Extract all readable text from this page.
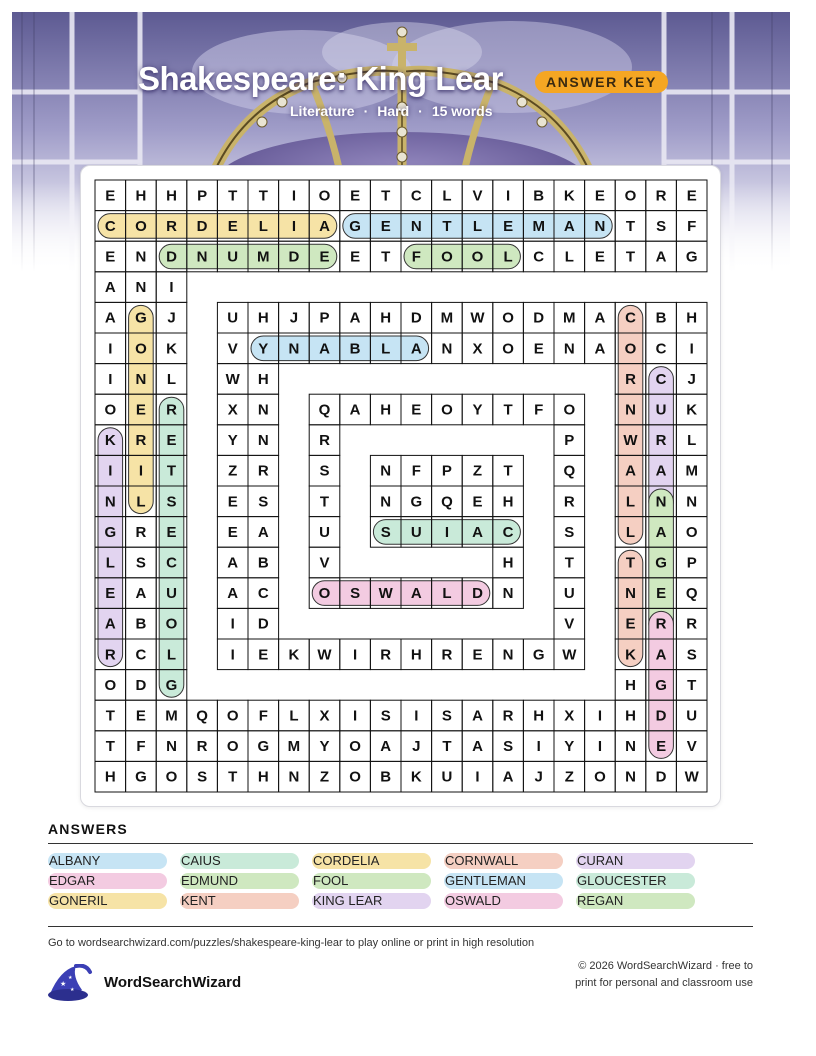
Shakespeare: King Lear	ANSWER KEY
Literature · Hard · 15 words
E H H P T T I O E T C L V I B K E O R E
C O R D E L I A G E N T L E M A N T S F
E N D N U M D E E T F O O L C L E T A G
A N I
A G J	U H J P A H D M W O D M A C B H
I O K	V Y N A B L A N X O E N A O C I
I N L	W H	R C J
O E R	X N	Q A H E O Y T F O	N U K
K R E	Y N	R	P	W R L
I I T	Z R	S	N F P Z T	Q	A A M
N L S	E S	T	N G Q E H	R	L N N
G R E	E A	U	S U I A C	S	L A O
L S C	A B	V	H	T	T G P
E A U	A C	O S W A L D N	U	N E Q
A B O	I D	V	E R R
R C L	I E K W I R H R E N G W	K A S
O D G	H G T
T E M Q O F L X I S I S A R H X I H D U
T F N R O G M Y O A J T A S I Y I N E V
H G O S T H N Z O B K U I A J Z O N D W
ANSWERS
ALBANY	CAIUS	CORDELIA	CORNWALL	CURAN
EDGAR	EDMUND	FOOL	GENTLEMAN	GLOUCESTER
GONERIL	KENT	KING LEAR	OSWALD	REGAN
Go to wordsearchwizard.com/puzzles/shakespeare-king-lear to play online or print in high resolution
★
★
★ WordSearchWizard
© 2026 WordSearchWizard · free to print for personal and classroom use
